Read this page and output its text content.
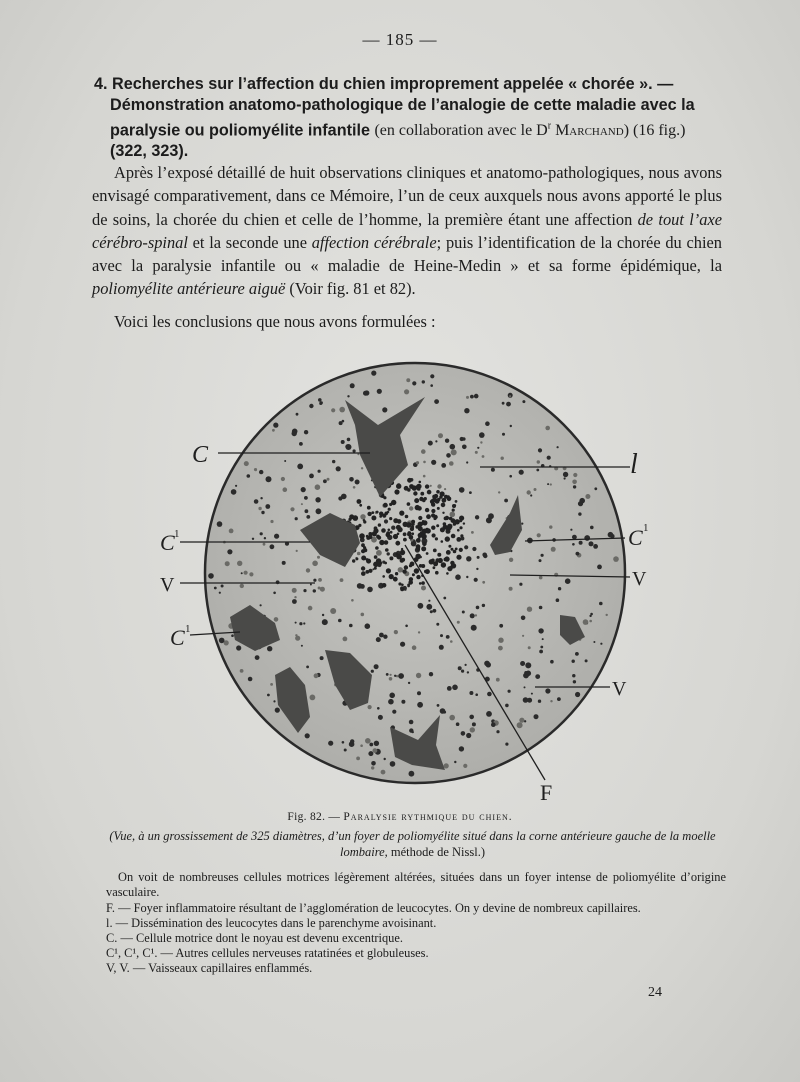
— 185 —
4. Recherches sur l’affection du chien improprement appelée « chorée ». — Démonstration anatomo-pathologique de l’analogie de cette maladie avec la paralysie ou poliomyélite infantile (en collaboration avec le $D^r$ Marchand) (16 fig.) (322, 323).
Après l’exposé détaillé de huit observations cliniques et anatomo-pathologiques, nous avons envisagé comparativement, dans ce Mémoire, l’un de ceux auxquels nous avons apporté le plus de soins, la chorée du chien et celle de l’homme, la première étant une affection de tout l’axe cérébro-spinal et la seconde une affection cérébrale; puis l’identification de la chorée du chien avec la paralysie infantile ou « maladie de Heine-Medin » et sa forme épidémique, la poliomyélite antérieure aiguë (Voir fig. 81 et 82).
Voici les conclusions que nous avons formulées :
C	l
C 1	C 1
V	V
C 1
V
F
Fig. 82. — Paralysie rythmique du chien.
(Vue, à un grossissement de 325 diamètres, d’un foyer de poliomyélite situé dans la corne antérieure gauche de la moelle lombaire, méthode de Nissl.)

On voit de nombreuses cellules motrices légèrement altérées, situées dans un foyer intense de poliomyélite d’origine vasculaire.

F. — Foyer inflammatoire résultant de l’agglomération de leucocytes. On y devine de nombreux capillaires.

l. — Dissémination des leucocytes dans le parenchyme avoisinant.

C. — Cellule motrice dont le noyau est devenu excentrique.

C¹, C¹, C¹. — Autres cellules nerveuses ratatinées et globuleuses.

V, V. — Vaisseaux capillaires enflammés.

24
